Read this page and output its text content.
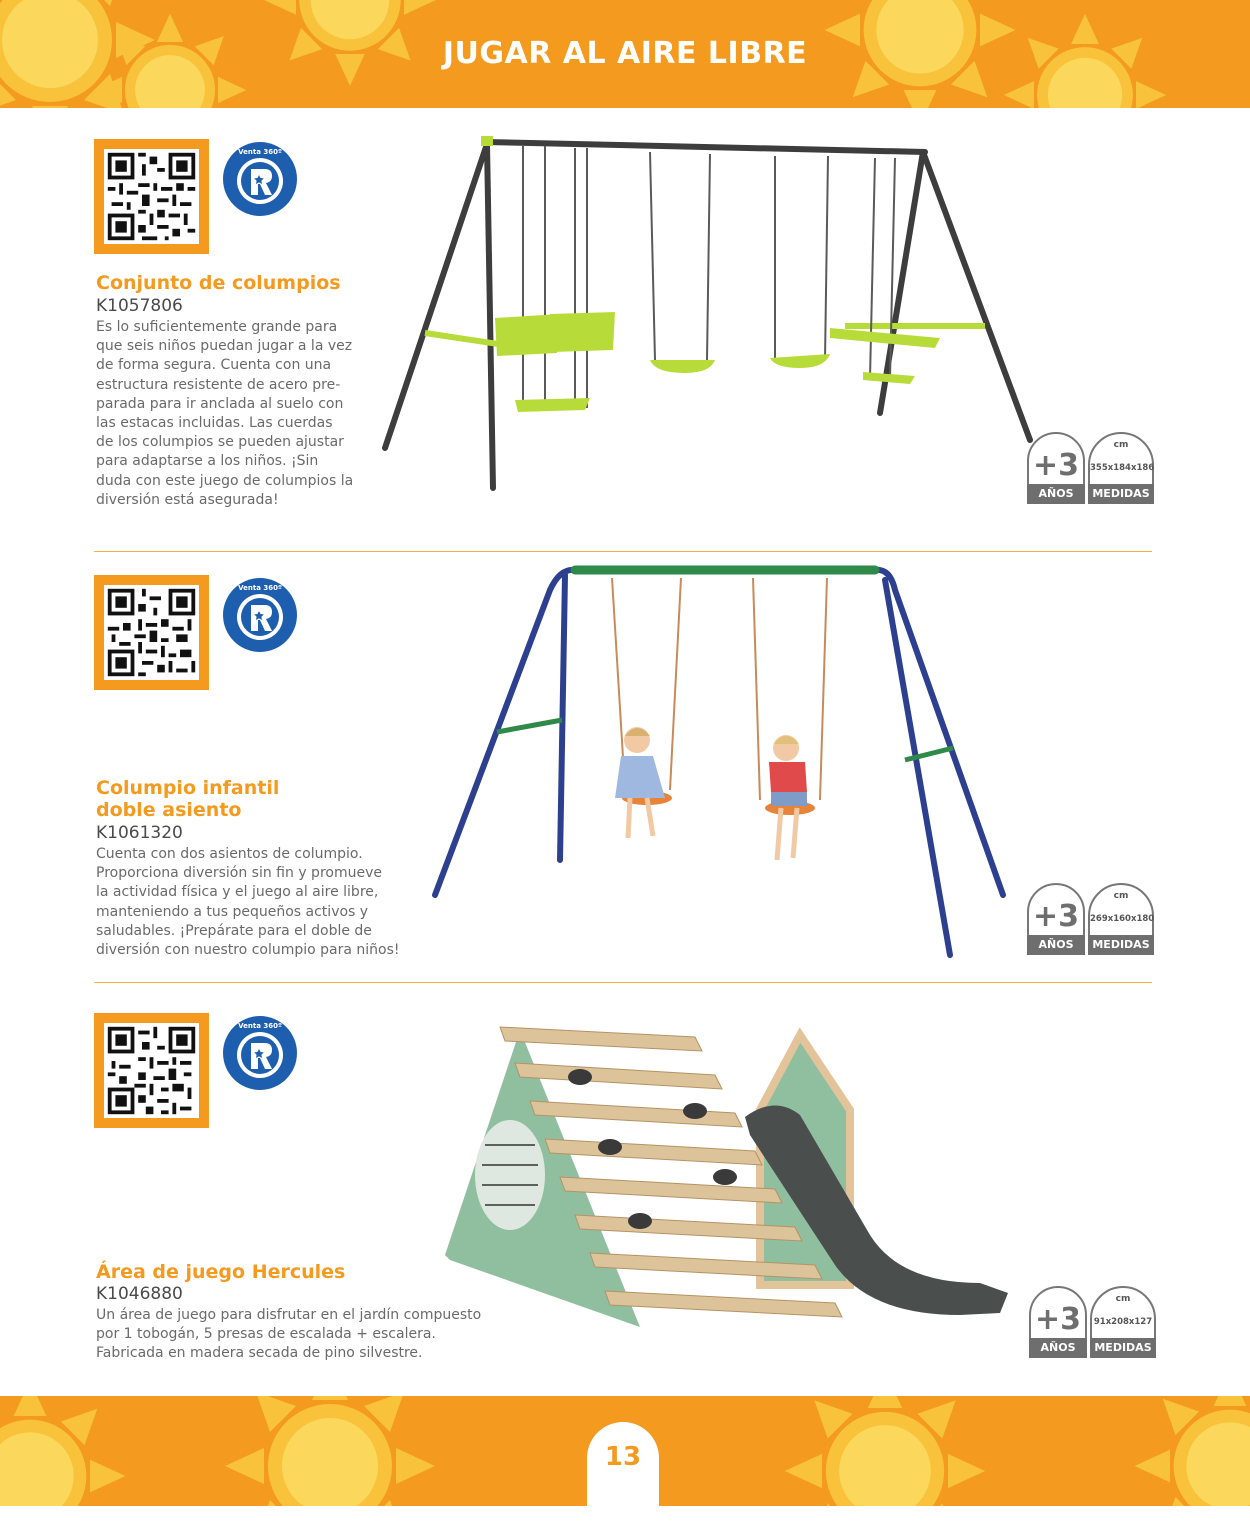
JUGAR AL AIRE LIBRE
Venta 360º
Conjunto de columpios
K1057806
Es lo suficientemente grande para
que seis niños puedan jugar a la vez
de forma segura. Cuenta con una
estructura resistente de acero pre-
parada para ir anclada al suelo con
las estacas incluidas. Las cuerdas
de los columpios se pueden ajustar
para adaptarse a los niños. ¡Sin
duda con este juego de columpios la
diversión está asegurada!
+3
AÑOS
cm
355x184x186
MEDIDAS
Venta 360º
Columpio infantil
doble asiento
K1061320
Cuenta con dos asientos de columpio.
Proporciona diversión sin fin y promueve
la actividad física y el juego al aire libre,
manteniendo a tus pequeños activos y
saludables. ¡Prepárate para el doble de
diversión con nuestro columpio para niños!
+3
AÑOS
cm
269x160x180
MEDIDAS
Venta 360º
Área de juego Hercules
K1046880
Un área de juego para disfrutar en el jardín compuesto
por 1 tobogán, 5 presas de escalada + escalera.
Fabricada en madera secada de pino silvestre.
+3
AÑOS
cm
91x208x127
MEDIDAS
13
